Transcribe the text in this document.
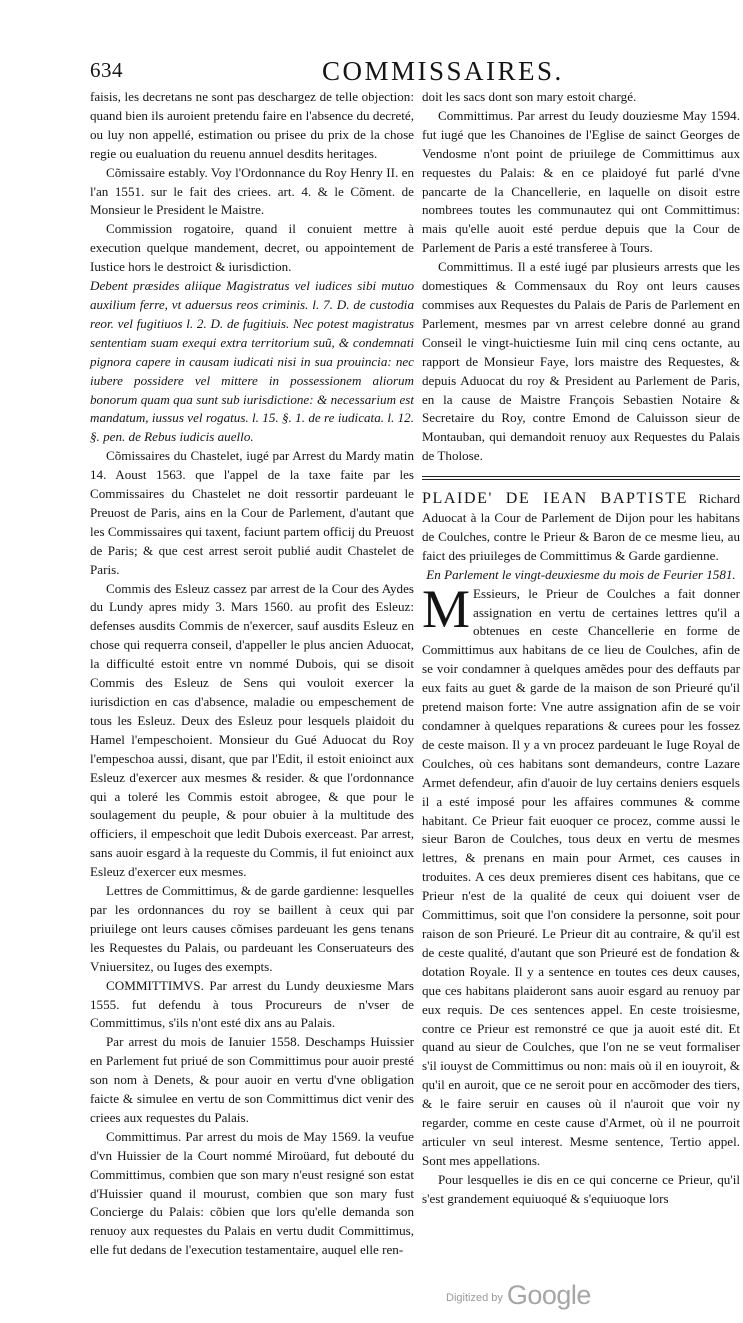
634	COMMISSAIRES.

faisis, les decretans ne sont pas deschargez de telle objection: quand bien ils auroient pretendu faire en l'absence du decreté, ou luy non appellé, estimation ou prisee du prix de la chose regie ou eualuation du reuenu annuel desdits heritages.

Cõmissaire estably. Voy l'Ordonnance du Roy Henry II. en l'an 1551. sur le fait des criees. art. 4. & le Cõment. de Monsieur le President le Maistre.

Commission rogatoire, quand il conuient mettre à execution quelque mandement, decret, ou appointement de Iustice hors le destroict & iurisdiction.

Debent præsides aliique Magistratus vel iudices sibi mutuo auxilium ferre, vt aduersus reos criminis. l. 7. D. de custodia reor. vel fugitiuos l. 2. D. de fugitiuis. Nec potest magistratus sententiam suam exequi extra territorium suũ, & condemnati pignora capere in causam iudicati nisi in sua prouincia: nec iubere possidere vel mittere in possessionem aliorum bonorum quam qua sunt sub iurisdictione: & necessarium est mandatum, iussus vel rogatus. l. 15. §. 1. de re iudicata. l. 12. §. pen. de Rebus iudicis auello.

Cõmissaires du Chastelet, iugé par Arrest du Mardy matin 14. Aoust 1563. que l'appel de la taxe faite par les Commissaires du Chastelet ne doit ressortir pardeuant le Preuost de Paris, ains en la Cour de Parlement, d'autant que les Commissaires qui taxent, faciunt partem officij du Preuost de Paris; & que cest arrest seroit publié audit Chastelet de Paris.

Commis des Esleuz cassez par arrest de la Cour des Aydes du Lundy apres midy 3. Mars 1560. au profit des Esleuz: defenses ausdits Commis de n'exercer, sauf ausdits Esleuz en chose qui requerra conseil, d'appeller le plus ancien Aduocat, la difficulté estoit entre vn nommé Dubois, qui se disoit Commis des Esleuz de Sens qui vouloit exercer la iurisdiction en cas d'absence, maladie ou empeschement de tous les Esleuz. Deux des Esleuz pour lesquels plaidoit du Hamel l'empeschoient. Monsieur du Gué Aduocat du Roy l'empeschoa aussi, disant, que par l'Edit, il estoit enioinct aux Esleuz d'exercer aux mesmes & resider. & que l'ordonnance qui a toleré les Commis estoit abrogee, & que pour le soulagement du peuple, & pour obuier à la multitude des officiers, il empeschoit que ledit Dubois exerceast. Par arrest, sans auoir esgard à la requeste du Commis, il fut enioinct aux Esleuz d'exercer eux mesmes.

Lettres de Committimus, & de garde gardienne: lesquelles par les ordonnances du roy se baillent à ceux qui par priuilege ont leurs causes cõmises pardeuant les gens tenans les Requestes du Palais, ou pardeuant les Conseruateurs des Vniuersitez, ou Iuges des exempts.

COMMITTIMVS. Par arrest du Lundy deuxiesme Mars 1555. fut defendu à tous Procureurs de n'vser de Committimus, s'ils n'ont esté dix ans au Palais.

Par arrest du mois de Ianuier 1558. Deschamps Huissier en Parlement fut priué de son Committimus pour auoir presté son nom à Denets, & pour auoir en vertu d'vne obligation faicte & simulee en vertu de son Committimus dict venir des criees aux requestes du Palais.

Committimus. Par arrest du mois de May 1569. la veufue d'vn Huissier de la Court nommé Miroüard, fut debouté du Committimus, combien que son mary n'eust resigné son estat d'Huissier quand il mourust, combien que son mary fust Concierge du Palais: cõbien que lors qu'elle demanda son renuoy aux requestes du Palais en vertu dudit Committimus, elle fut dedans de l'execution testamentaire, auquel elle ren-

doit les sacs dont son mary estoit chargé.

Committimus. Par arrest du Ieudy douziesme May 1594. fut iugé que les Chanoines de l'Eglise de sainct Georges de Vendosme n'ont point de priuilege de Committimus aux requestes du Palais: & en ce plaidoyé fut parlé d'vne pancarte de la Chancellerie, en laquelle on disoit estre nombrees toutes les communautez qui ont Committimus: mais qu'elle auoit esté perdue depuis que la Cour de Parlement de Paris a esté transferee à Tours.

Committimus. Il a esté iugé par plusieurs arrests que les domestiques & Commensaux du Roy ont leurs causes commises aux Requestes du Palais de Paris de Parlement en Parlement, mesmes par vn arrest celebre donné au grand Conseil le vingt-huictiesme Iuin mil cinq cens octante, au rapport de Monsieur Faye, lors maistre des Requestes, & depuis Aduocat du roy & President au Parlement de Paris, en la cause de Maistre François Sebastien Notaire & Secretaire du Roy, contre Emond de Caluisson sieur de Montauban, qui demandoit renuoy aux Requestes du Palais de Tholose.

PLAIDE' DE IEAN BAPTISTE Richard Aduocat à la Cour de Parlement de Dijon pour les habitans de Coulches, contre le Prieur & Baron de ce mesme lieu, au faict des priuileges de Committimus & Garde gardienne.

En Parlement le vingt-deuxiesme du mois de Feurier 1581.

M Essieurs, le Prieur de Coulches a fait donner assignation en vertu de certaines lettres qu'il a obtenues en ceste Chancellerie en forme de Committimus aux habitans de ce lieu de Coulches, afin de se voir condamner à quelques amẽdes pour des deffauts par eux faits au guet & garde de la maison de son Prieuré qu'il pretend maison forte: Vne autre assignation afin de se voir condamner à quelques reparations & curees pour les fossez de ceste maison. Il y a vn procez pardeuant le Iuge Royal de Coulches, où ces habitans sont demandeurs, contre Lazare Armet defendeur, afin d'auoir de luy certains deniers esquels il a esté imposé pour les affaires communes & comme habitant. Ce Prieur fait euoquer ce procez, comme aussi le sieur Baron de Coulches, tous deux en vertu de mesmes lettres, & prenans en main pour Armet, ces causes in troduites. A ces deux premieres disent ces habitans, que ce Prieur n'est de la qualité de ceux qui doiuent vser de Committimus, soit que l'on considere la personne, soit pour raison de son Prieuré. Le Prieur dit au contraire, & qu'il est de ceste qualité, d'autant que son Prieuré est de fondation & dotation Royale. Il y a sentence en toutes ces deux causes, que ces habitans plaideront sans auoir esgard au renuoy par eux requis. De ces sentences appel. En ceste troisiesme, contre ce Prieur est remonstré ce que ja auoit esté dit. Et quand au sieur de Coulches, que l'on ne se veut formaliser s'il iouyst de Committimus ou non: mais où il en iouyroit, & qu'il en auroit, que ce ne seroit pour en accõmoder des tiers, & le faire seruir en causes où il n'auroit que voir ny regarder, comme en ceste cause d'Armet, où il ne pourroit articuler vn seul interest. Mesme sentence, Tertio appel. Sont mes appellations.

Pour lesquelles ie dis en ce qui concerne ce Prieur, qu'il s'est grandement equiuoqué & s'equiuoque lors

Digitized by Google
